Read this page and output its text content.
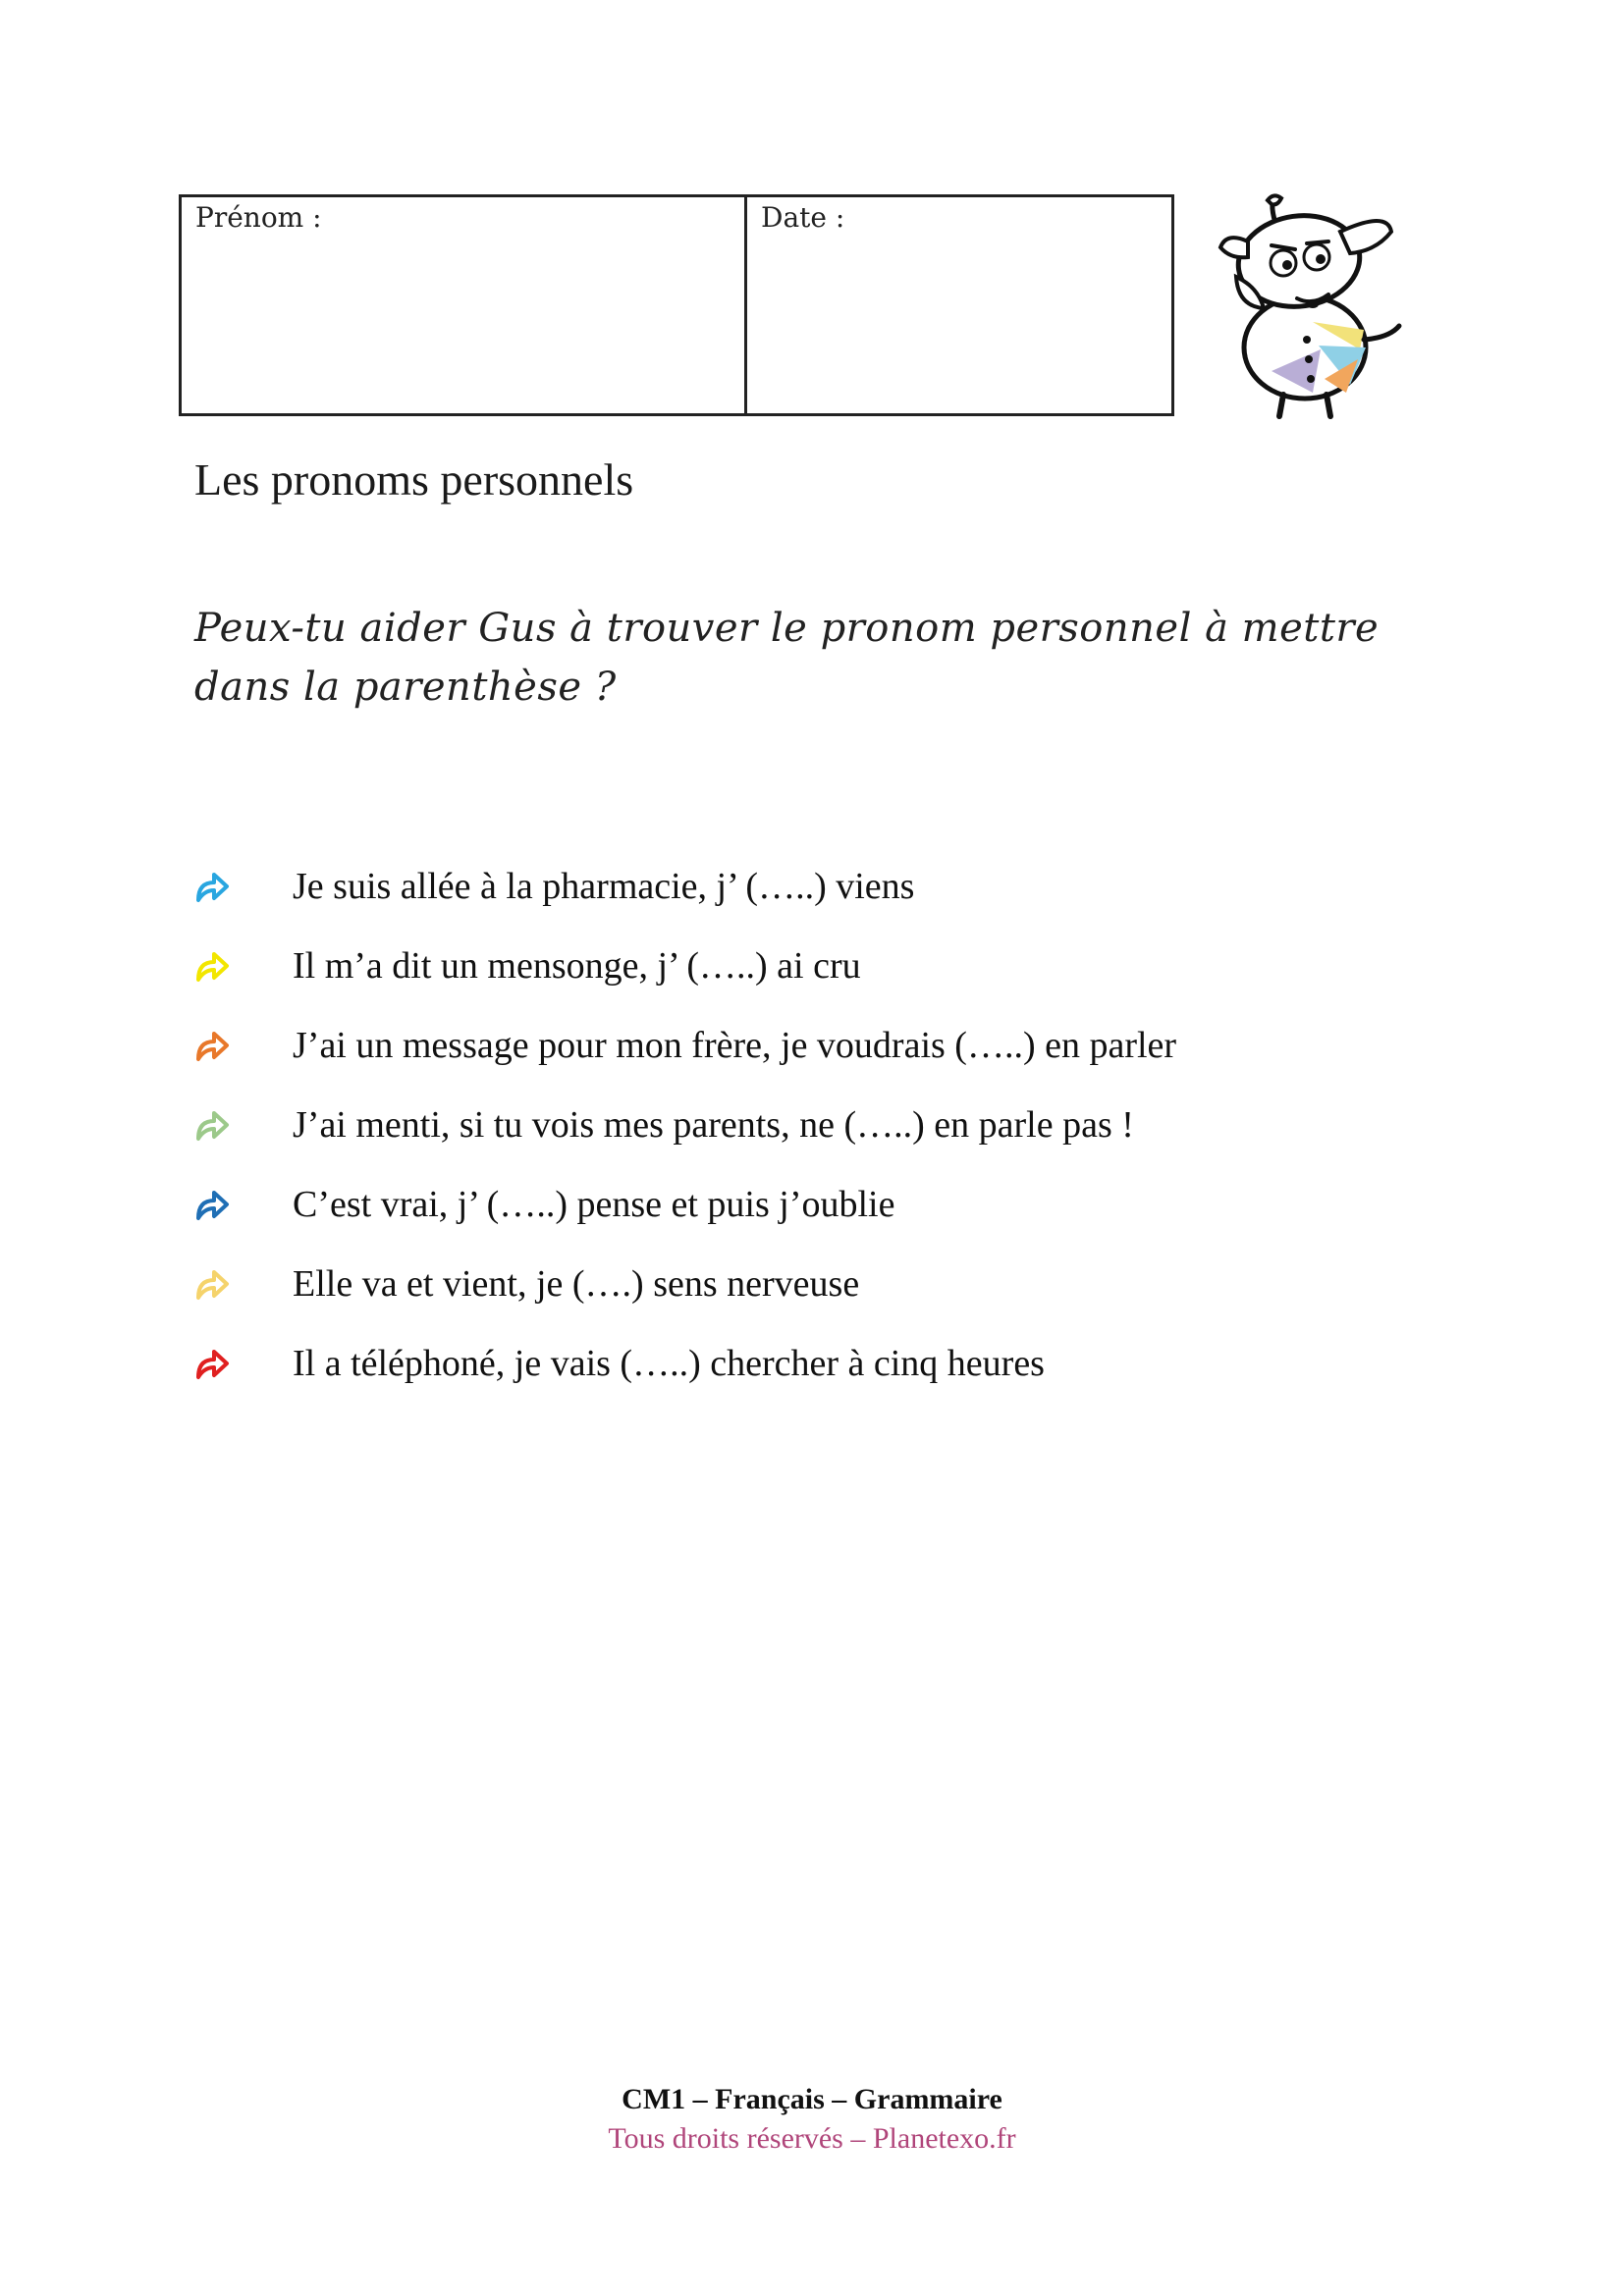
Prénom :	Date :
Les pronoms personnels
Peux-tu aider Gus à trouver le pronom personnel à mettre dans la parenthèse ?
Je suis allée à la pharmacie, j’ (…..) viens
Il m’a dit un mensonge, j’ (…..) ai cru
J’ai un message pour mon frère, je voudrais (…..) en parler
J’ai menti, si tu vois mes parents, ne (…..) en parle pas !
C’est vrai, j’ (…..) pense et puis j’oublie
Elle va et vient, je (….) sens nerveuse
Il a téléphoné, je vais (…..) chercher à cinq heures
CM1 – Français – Grammaire
Tous droits réservés – Planetexo.fr
